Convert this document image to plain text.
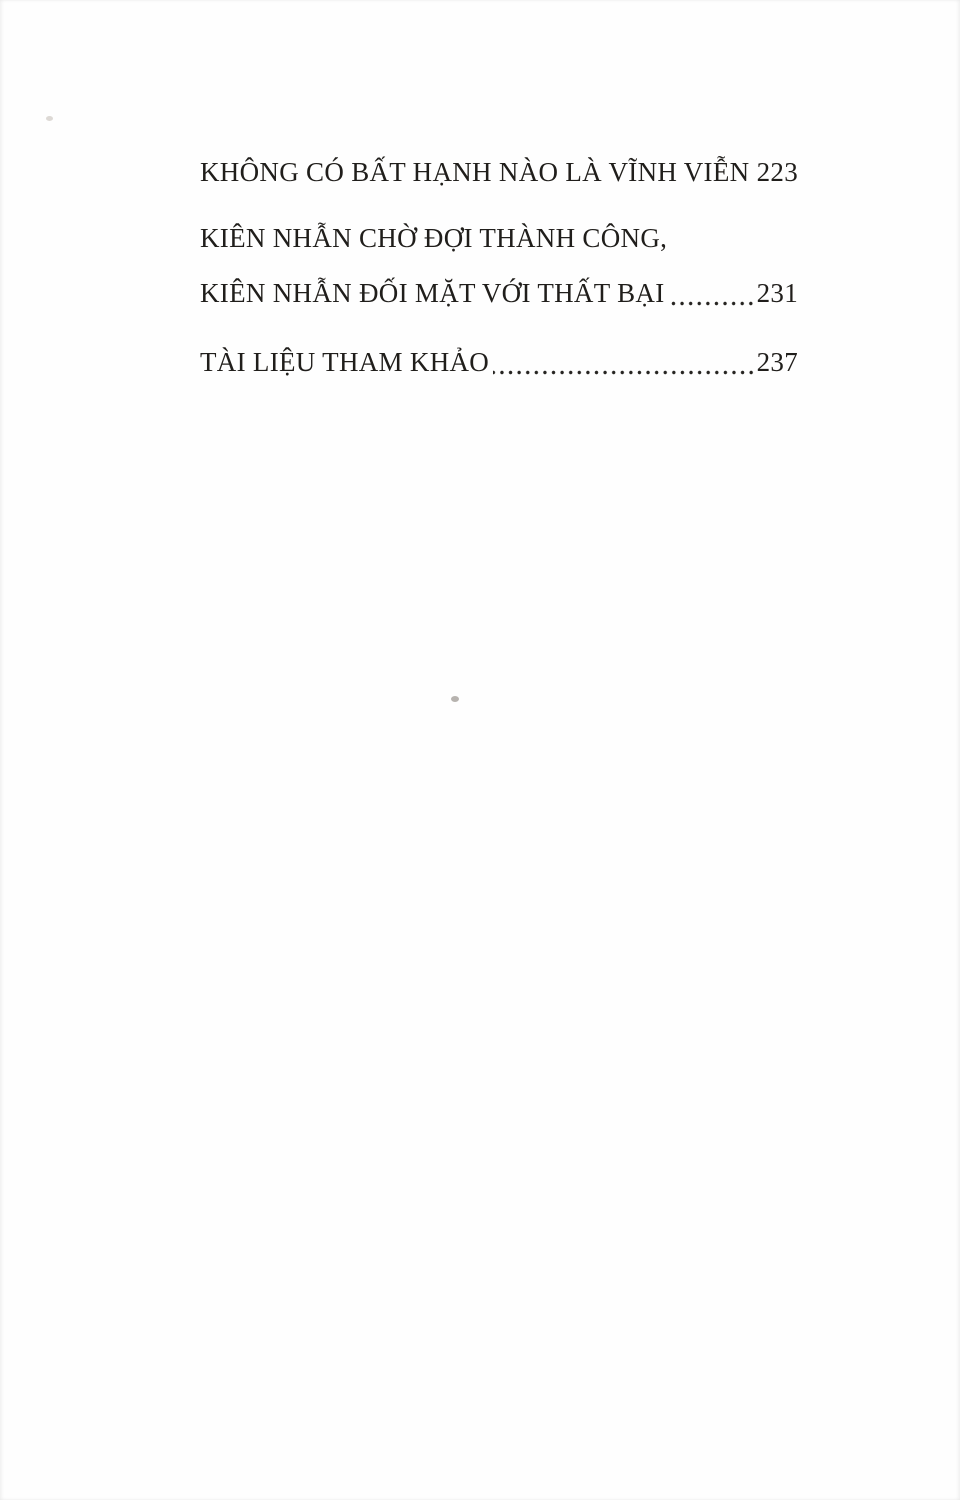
KHÔNG CÓ BẤT HẠNH NÀO LÀ VĨNH VIỄN 223
KIÊN NHẪN CHỜ ĐỢI THÀNH CÔNG,
KIÊN NHẪN ĐỐI MẶT VỚI THẤT BẠI	231
TÀI LIỆU THAM KHẢO	237
